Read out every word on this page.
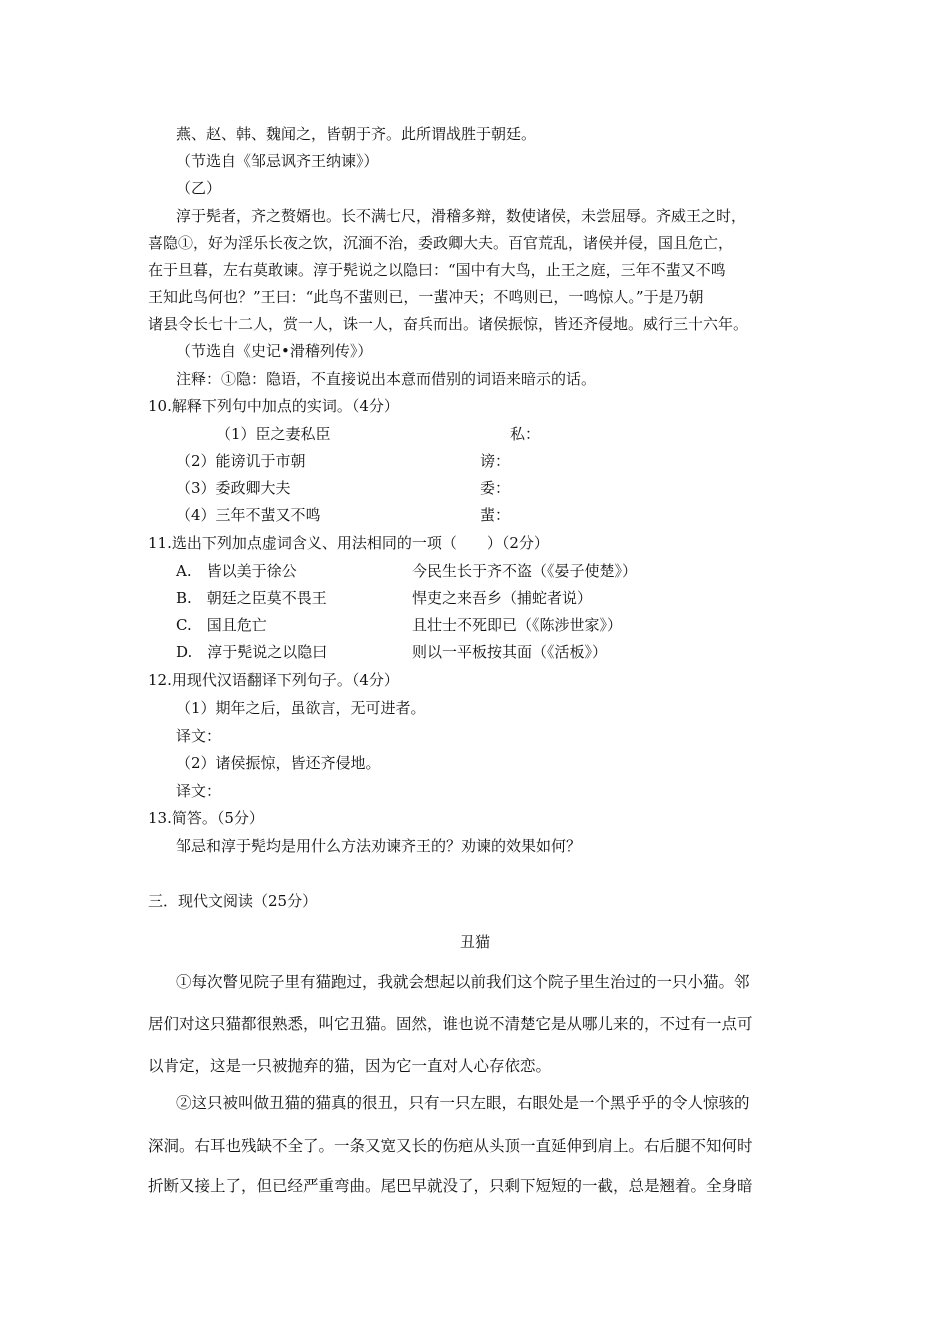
燕、赵、韩、魏闻之，皆朝于齐。此所谓战胜于朝廷。
（节选自《邹忌讽齐王纳谏》）
（乙）
淳于髡者，齐之赘婿也。长不满七尺，滑稽多辩，数使诸侯，未尝屈辱。齐威王之时，
喜隐①，好为淫乐长夜之饮，沉湎不治，委政卿大夫。百官荒乱，诸侯并侵，国且危亡，
在于旦暮，左右莫敢谏。淳于髡说之以隐曰：“国中有大鸟，止王之庭，三年不蜚又不鸣
王知此鸟何也？”王曰：“此鸟不蜚则已，一蜚冲天；不鸣则已，一鸣惊人。”于是乃朝
诸县令长七十二人，赏一人，诛一人，奋兵而出。诸侯振惊，皆还齐侵地。威行三十六年。
（节选自《史记•滑稽列传》）
注释：①隐：隐语，不直接说出本意而借别的词语来暗示的话。
10.解释下列句中加点的实词。（4分）
（1）臣之妻私臣	私：
（2）能谤讥于市朝	谤：
（3）委政卿大夫	委：
（4）三年不蜚又不鸣	蜚：
11.选出下列加点虚词含义、用法相同的一项（　　）（2分）
A.　皆以美于徐公	今民生长于齐不盗（《晏子使楚》）
B.　朝廷之臣莫不畏王	悍吏之来吾乡（捕蛇者说）
C.　国且危亡	且壮士不死即已（《陈涉世家》）
D.　淳于髡说之以隐曰	则以一平板按其面（《活板》）
12.用现代汉语翻译下列句子。（4分）
（1）期年之后，虽欲言，无可进者。
译文：
（2）诸侯振惊，皆还齐侵地。
译文：
13.简答。（5分）
邹忌和淳于髡均是用什么方法劝谏齐王的？劝谏的效果如何？
三．现代文阅读（25分）
丑猫
①每次瞥见院子里有猫跑过，我就会想起以前我们这个院子里生治过的一只小猫。邻
居们对这只猫都很熟悉，叫它丑猫。固然，谁也说不清楚它是从哪儿来的，不过有一点可
以肯定，这是一只被抛弃的猫，因为它一直对人心存依恋。
②这只被叫做丑猫的猫真的很丑，只有一只左眼，右眼处是一个黑乎乎的令人惊骇的
深洞。右耳也残缺不全了。一条又宽又长的伤疤从头顶一直延伸到肩上。右后腿不知何时
折断又接上了，但已经严重弯曲。尾巴早就没了，只剩下短短的一截，总是翘着。全身暗
